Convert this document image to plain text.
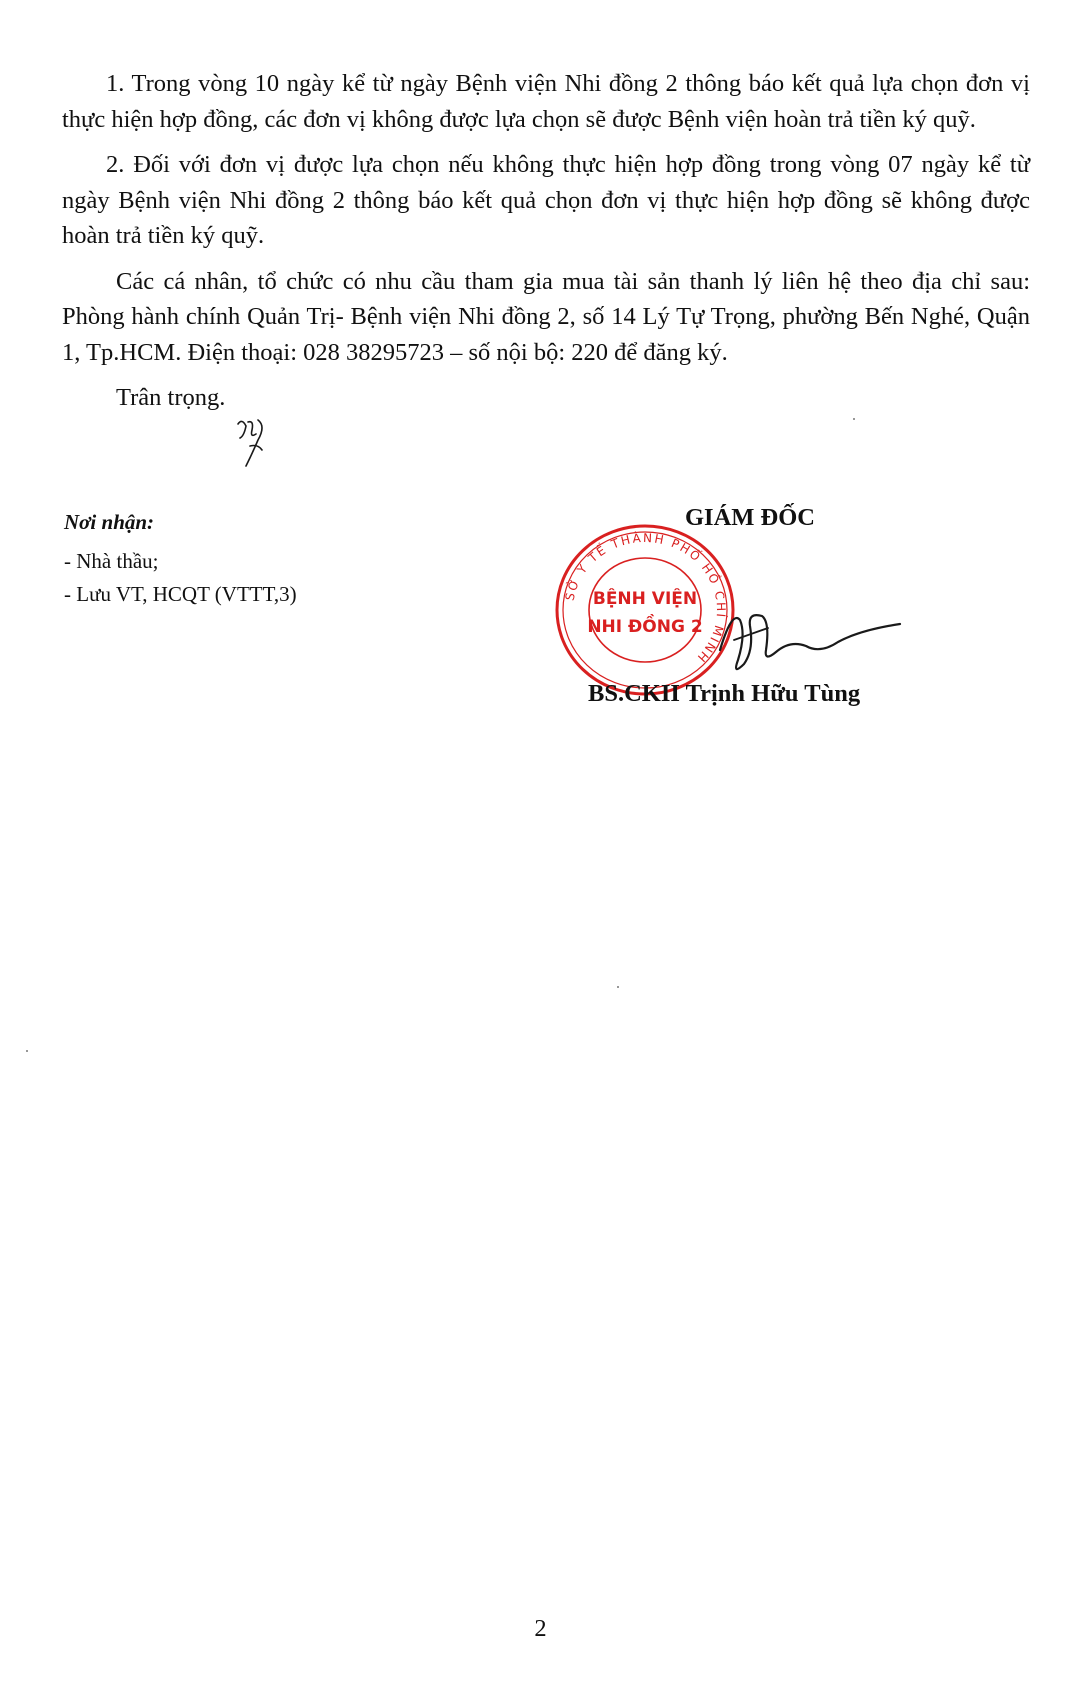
1. Trong vòng 10 ngày kể từ ngày Bệnh viện Nhi đồng 2 thông báo kết quả lựa chọn đơn vị thực hiện hợp đồng, các đơn vị không được lựa chọn sẽ được Bệnh viện hoàn trả tiền ký quỹ.

2. Đối với đơn vị được lựa chọn nếu không thực hiện hợp đồng trong vòng 07 ngày kể từ ngày Bệnh viện Nhi đồng 2 thông báo kết quả chọn đơn vị thực hiện hợp đồng sẽ không được hoàn trả tiền ký quỹ.

Các cá nhân, tổ chức có nhu cầu tham gia mua tài sản thanh lý liên hệ theo địa chỉ sau: Phòng hành chính Quản Trị- Bệnh viện Nhi đồng 2, số 14 Lý Tự Trọng, phường Bến Nghé, Quận 1, Tp.HCM. Điện thoại: 028 38295723 – số nội bộ: 220 để đăng ký.

Trân trọng.

Nơi nhận:
- Nhà thầu;
- Lưu VT, HCQT (VTTT,3)
GIÁM ĐỐC
SỞ Y TẾ THÀNH PHỐ HỒ CHÍ MINH
BỆNH VIỆN
NHI ĐỒNG 2
BS.CKII Trịnh Hữu Tùng
2
